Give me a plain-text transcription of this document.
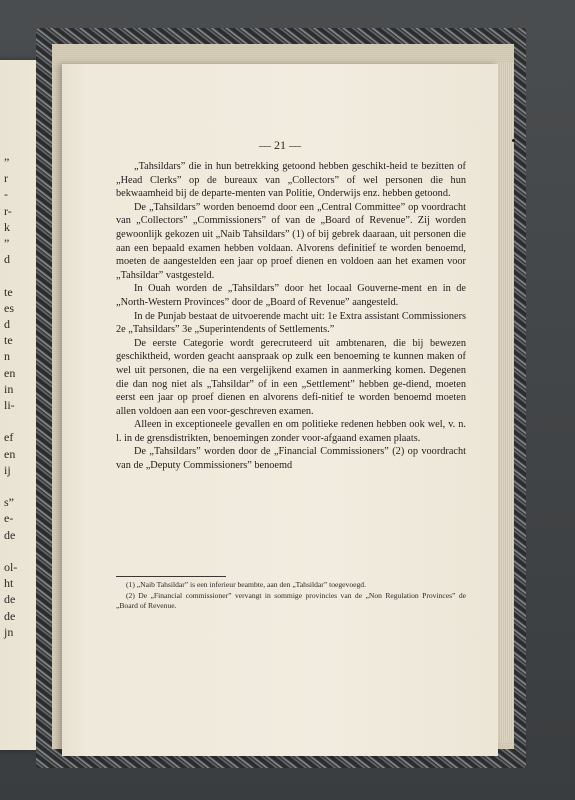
”
r
-
r-
k
”
d
te
es
d
te
n
en
in
li-
ef
en
ij
s”
e-
de
ol-
ht
de
de
jn
— 21 —

„Tahsildars” die in hun betrekking getoond hebben geschikt-heid te bezitten of „Head Clerks” op de bureaux van „Collectors” of wel personen die hun bekwaamheid bij de departe-menten van Politie, Onderwijs enz. hebben getoond.

De „Tahsildars” worden benoemd door een „Central Committee” op voordracht van „Collectors” „Commissioners” of van de „Board of Revenue”. Zij worden gewoonlijk gekozen uit „Naib Tahsildars” (1) of bij gebrek daaraan, uit personen die aan een bepaald examen hebben voldaan. Alvorens definitief te worden benoemd, moeten de aangestelden een jaar op proef dienen en voldoen aan het examen voor „Tahsildar” vastgesteld.

In Ouah worden de „Tahsildars” door het locaal Gouverne-ment en in de „North-Western Provinces” door de „Board of Revenue” aangesteld.

In de Punjab bestaat de uitvoerende macht uit: 1e Extra assistant Commissioners 2e „Tahsildars” 3e „Superintendents of Settlements.”

De eerste Categorie wordt gerecruteerd uit ambtenaren, die bij bewezen geschiktheid, worden geacht aanspraak op zulk een benoeming te kunnen maken of wel uit personen, die na een vergelijkend examen in aanmerking komen. Degenen die dan nog niet als „Tahsildar” of in een „Settlement” hebben ge-diend, moeten eerst een jaar op proef dienen en alvorens defi-nitief te worden benoemd moeten allen voldoen aan een voor-geschreven examen.

Alleen in exceptioneele gevallen en om politieke redenen hebben ook wel, v. n. l. in de grensdistrikten, benoemingen zonder voor-afgaand examen plaats.

De „Tahsildars” worden door de „Financial Commissioners” (2) op voordracht van de „Deputy Commissioners” benoemd

(1) „Naib Tahsildar” is een inferieur beambte, aan den „Tahsildar” toegevoegd.

(2) De „Financial commissioner” vervangt in sommige provincies van de „Non Regulation Provinces” de „Board of Revenue.
